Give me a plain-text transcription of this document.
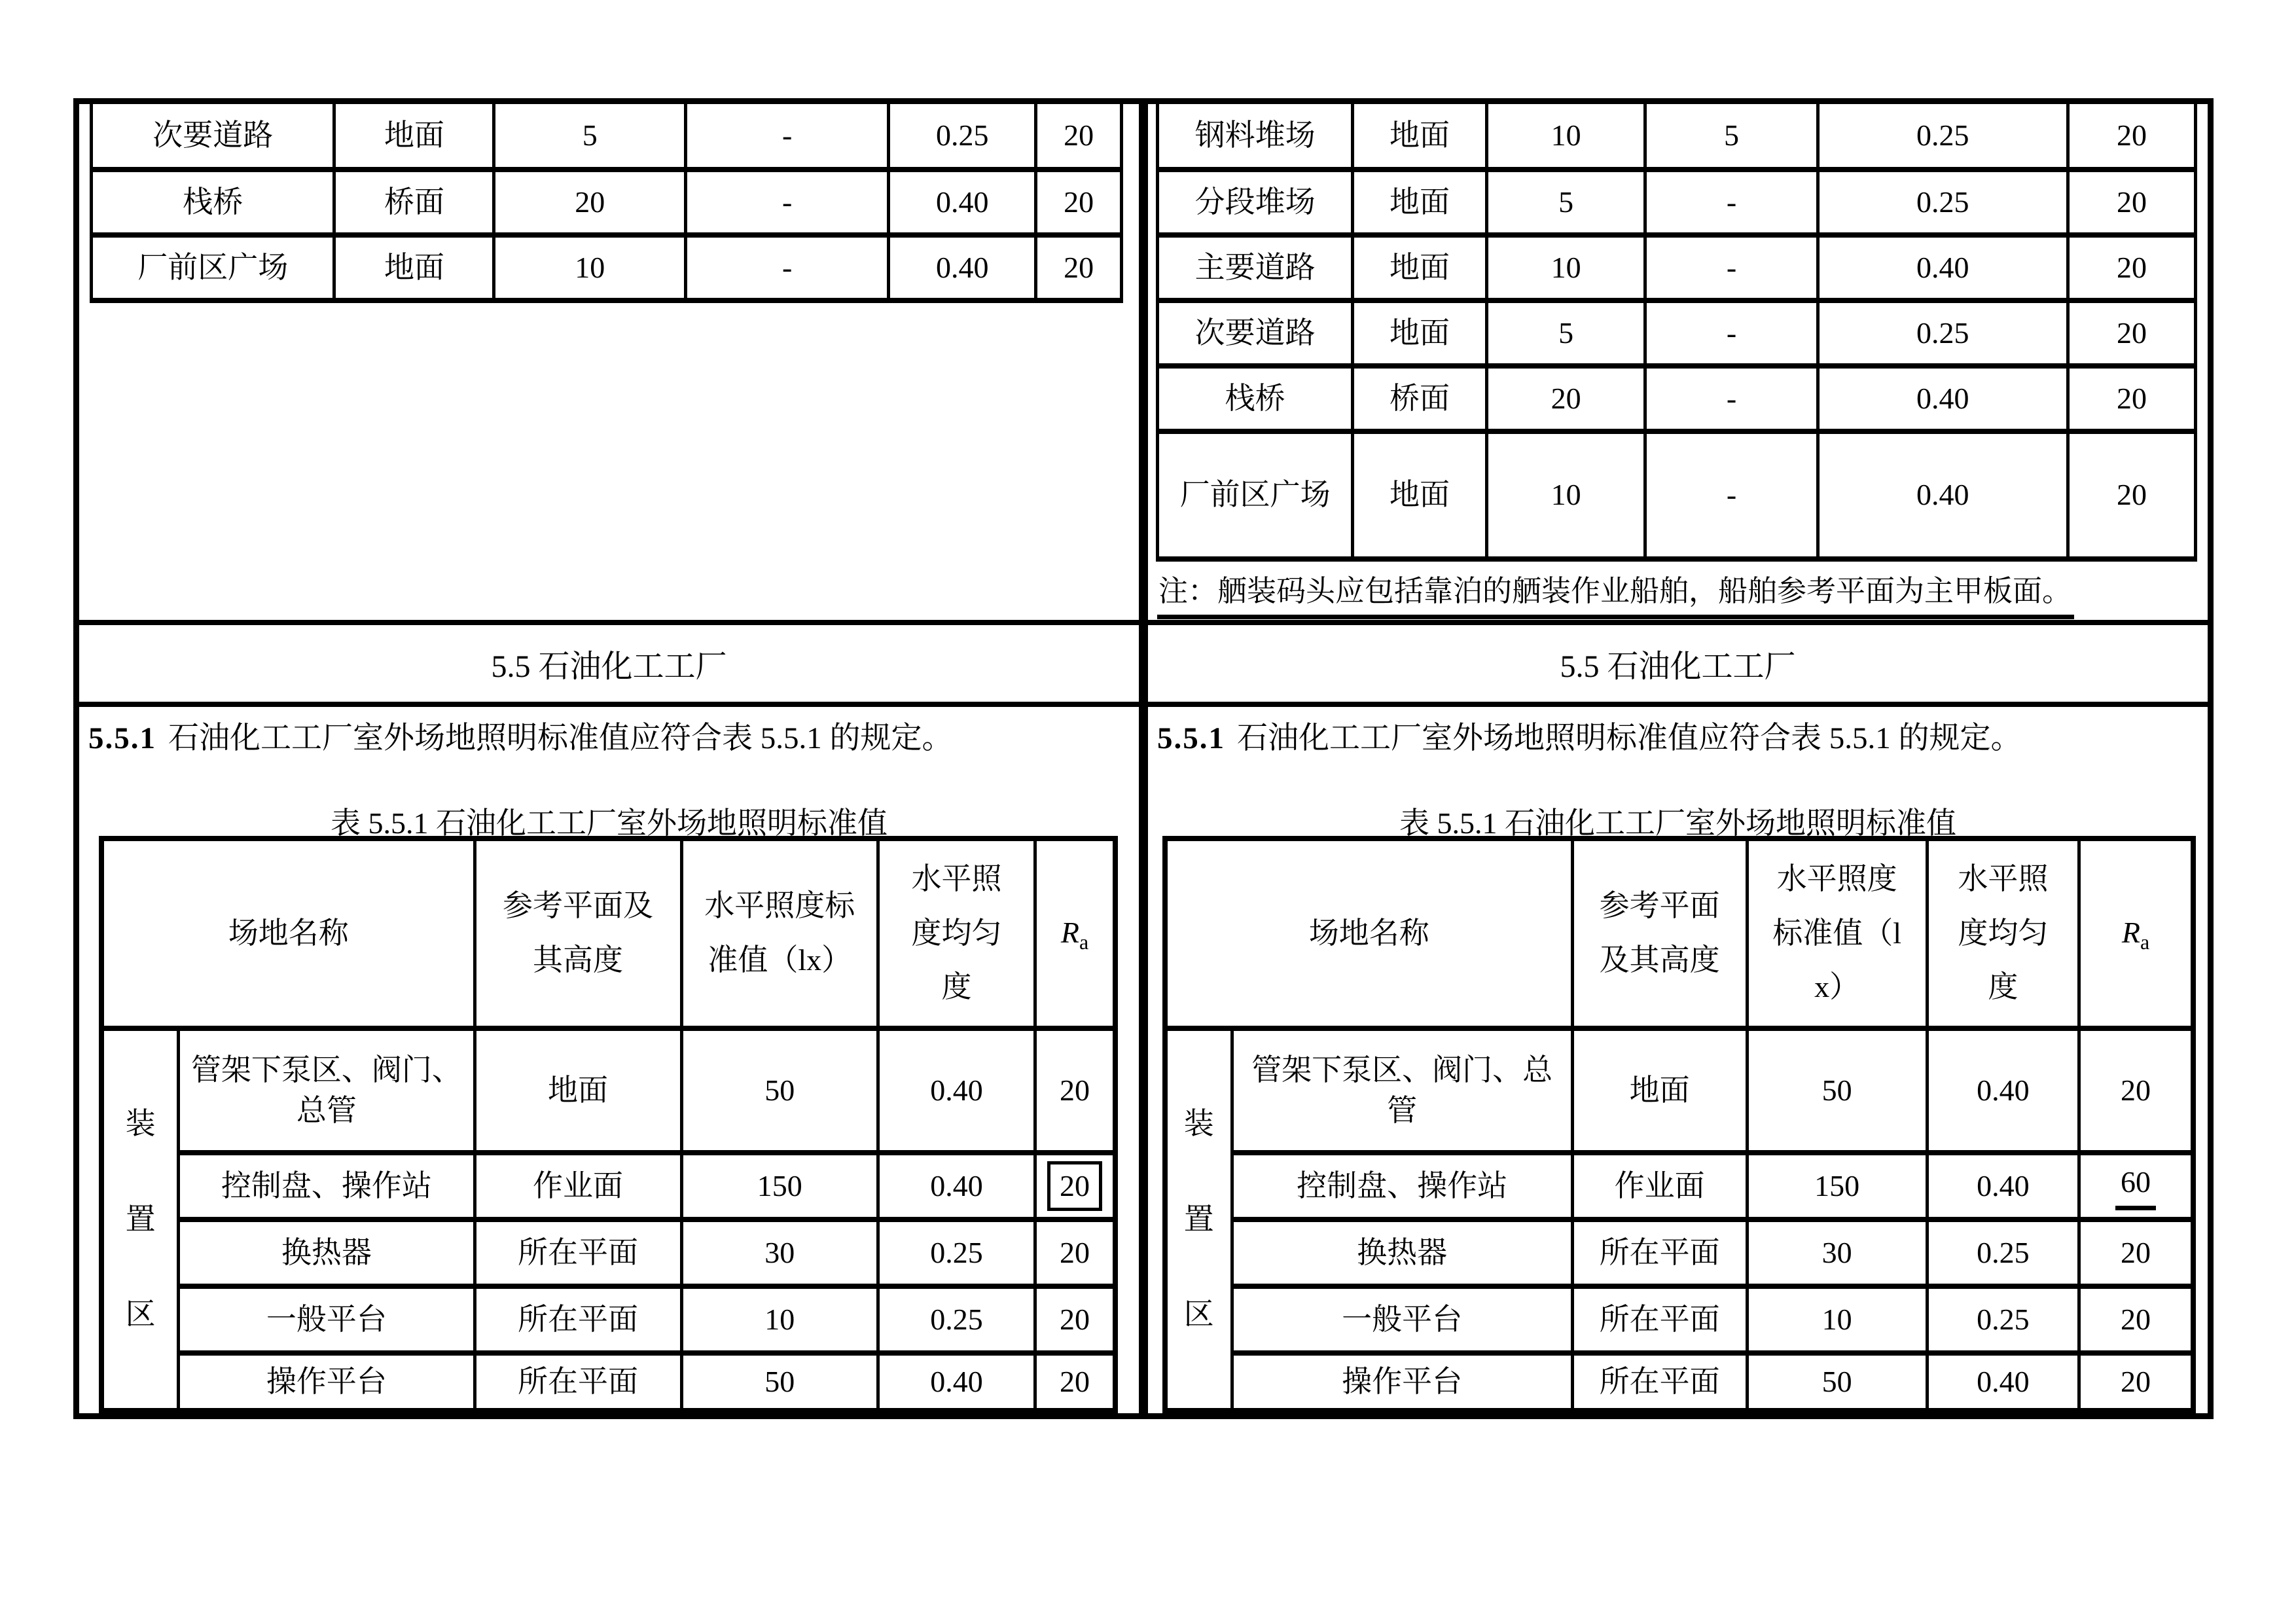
次要道路	地面	5	-	0.25	20
栈桥	桥面	20	-	0.40	20
厂前区广场	地面	10	-	0.40	20
5.5 石油化工工厂
5.5.1 石油化工工厂室外场地照明标准值应符合表 5.5.1 的规定。
表 5.5.1 石油化工工厂室外场地照明标准值
场地名称		参考平面及其高度	水平照度标准值（lx）	水平照度均匀度	$R_a$

装
置
区	管架下泵区、阀门、总管	地面	50	0.40	20
	控制盘、操作站	作业面	150	0.40	20
	换热器	所在平面	30	0.25	20
	一般平台	所在平面	10	0.25	20
	操作平台	所在平面	50	0.40	20
钢料堆场	地面	10	5	0.25	20
分段堆场	地面	5	-	0.25	20
主要道路	地面	10	-	0.40	20
次要道路	地面	5	-	0.25	20
栈桥	桥面	20	-	0.40	20
厂前区广场	地面	10	-	0.40	20
注：舾装码头应包括靠泊的舾装作业船舶，船舶参考平面为主甲板面。
5.5 石油化工工厂
5.5.1 石油化工工厂室外场地照明标准值应符合表 5.5.1 的规定。
表 5.5.1 石油化工工厂室外场地照明标准值
场地名称		参考平面及其高度	水平照度标准值（lx）	水平照度均匀度	$R_a$

装
置
区	管架下泵区、阀门、总管	地面	50	0.40	20
	控制盘、操作站	作业面	150	0.40	60
	换热器	所在平面	30	0.25	20
	一般平台	所在平面	10	0.25	20
	操作平台	所在平面	50	0.40	20
